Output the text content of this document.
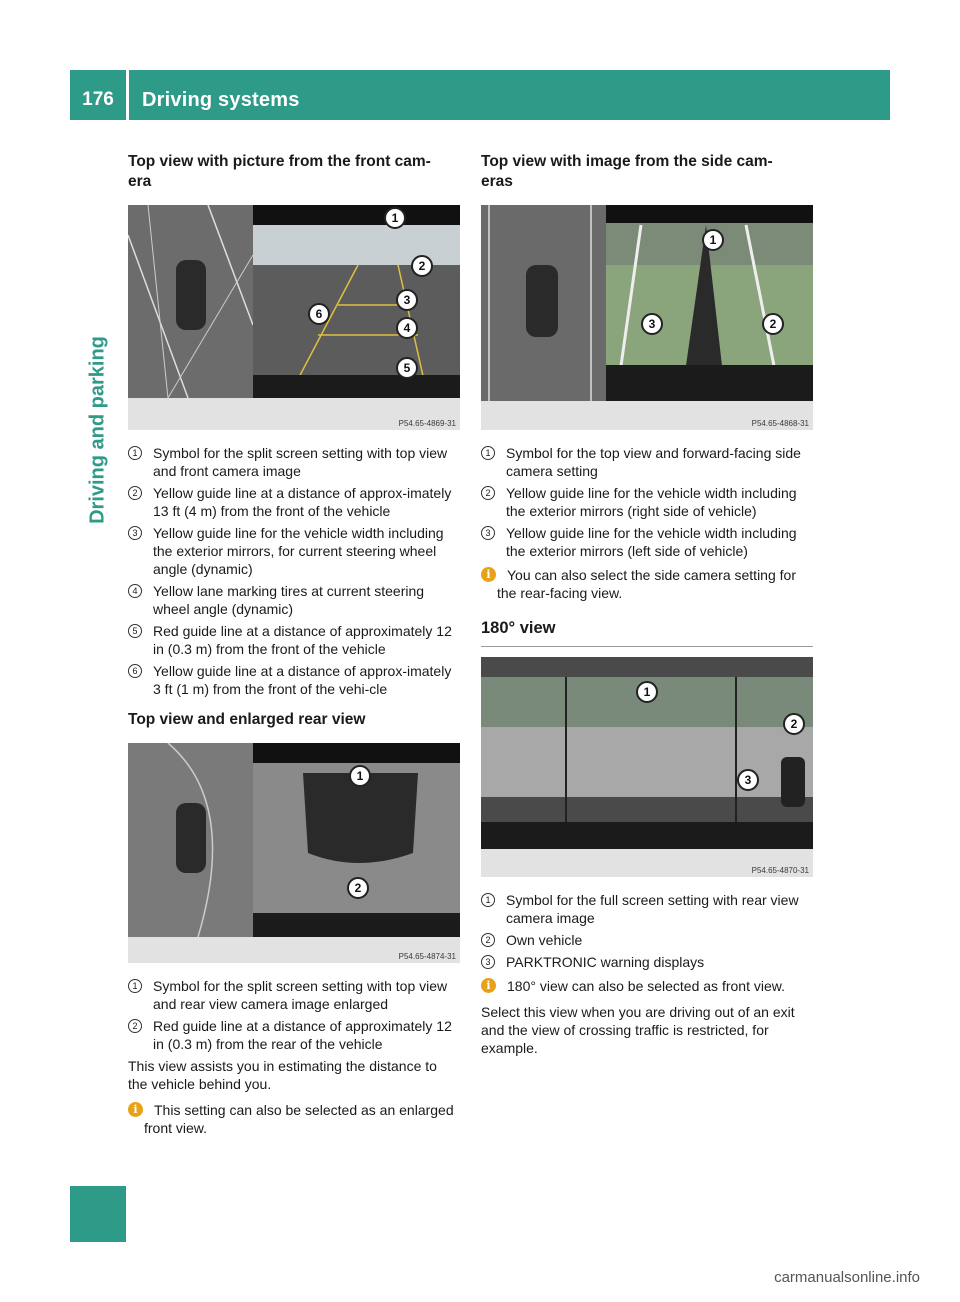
176	Driving systems
Driving and parking
Top view with picture from the front cam-
era
1
2
3
4
5
6
P54.65-4869-31
1	Symbol for the split screen setting with top view and front camera image
2	Yellow guide line at a distance of approx-imately 13 ft (4 m) from the front of the vehicle
3	Yellow guide line for the vehicle width including the exterior mirrors, for current steering wheel angle (dynamic)
4	Yellow lane marking tires at current steering wheel angle (dynamic)
5	Red guide line at a distance of approximately 12 in (0.3 m) from the front of the vehicle
6	Yellow guide line at a distance of approx-imately 3 ft (1 m) from the front of the vehi-cle
Top view and enlarged rear view
1
2
P54.65-4874-31
1	Symbol for the split screen setting with top view and rear view camera image enlarged
2	Red guide line at a distance of approximately 12 in (0.3 m) from the rear of the vehicle

This view assists you in estimating the distance to the vehicle behind you.

i	This setting can also be selected as an enlarged front view.
Top view with image from the side cam-
eras
1
2
3
P54.65-4868-31
1	Symbol for the top view and forward-facing side camera setting
2	Yellow guide line for the vehicle width including the exterior mirrors (right side of vehicle)
3	Yellow guide line for the vehicle width including the exterior mirrors (left side of vehicle)
i	You can also select the side camera setting for the rear-facing view.
180° view
1
2
3
P54.65-4870-31
1	Symbol for the full screen setting with rear view camera image
2	Own vehicle
3	PARKTRONIC warning displays
i	180° view can also be selected as front view.

Select this view when you are driving out of an exit and the view of crossing traffic is restricted, for example.

carmanualsonline.info
